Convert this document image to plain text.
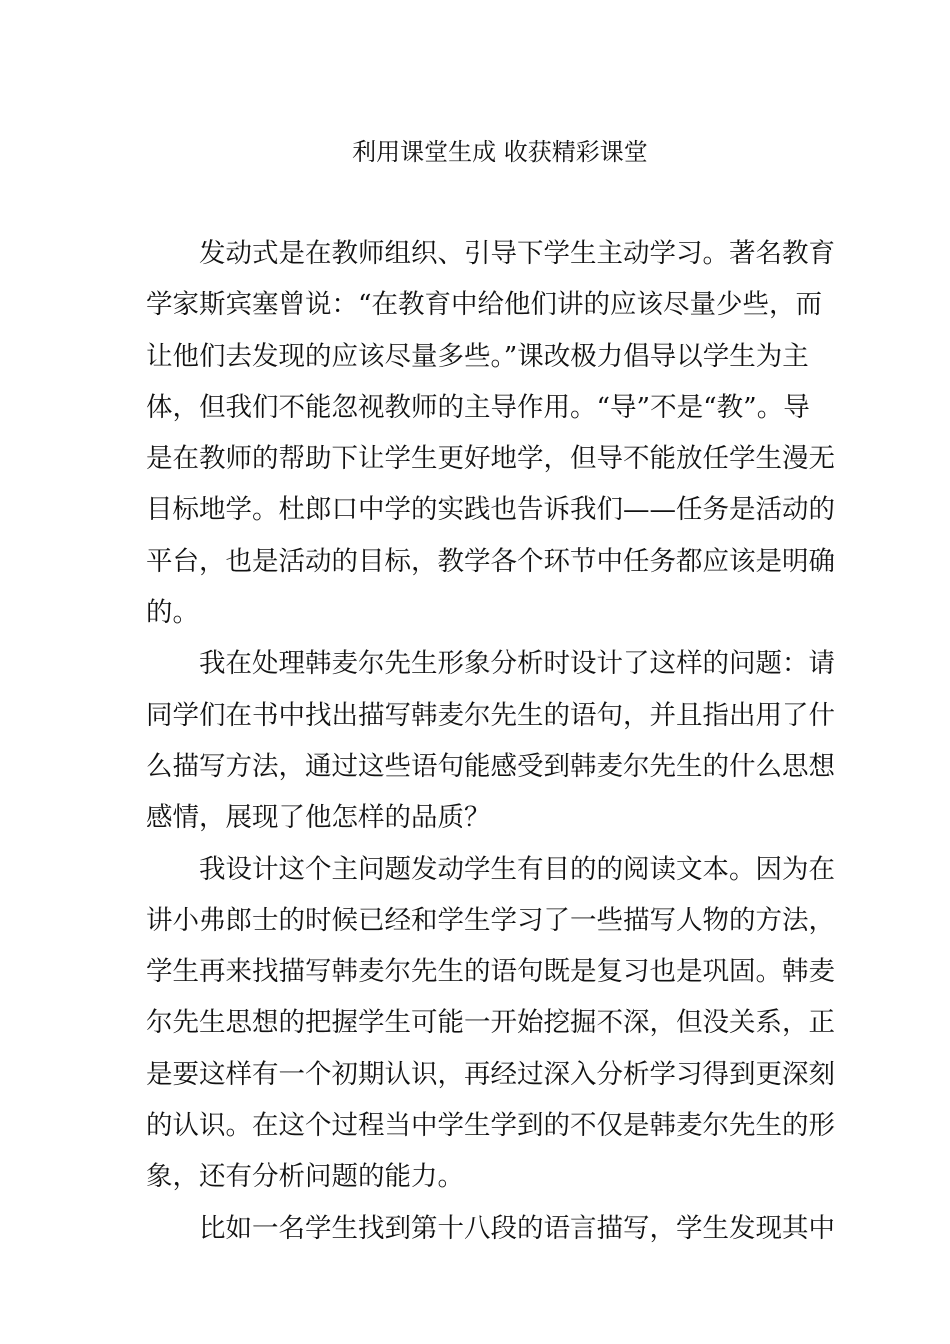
利用课堂生成 收获精彩课堂

　　发动式是在教师组织、引导下学生主动学习。著名教育

学家斯宾塞曾说：“在教育中给他们讲的应该尽量少些，而

让他们去发现的应该尽量多些。”课改极力倡导以学生为主

体，但我们不能忽视教师的主导作用。“导”不是“教”。导

是在教师的帮助下让学生更好地学，但导不能放任学生漫无

目标地学。杜郎口中学的实践也告诉我们——任务是活动的

平台，也是活动的目标，教学各个环节中任务都应该是明确

的。

　　我在处理韩麦尔先生形象分析时设计了这样的问题：请

同学们在书中找出描写韩麦尔先生的语句，并且指出用了什

么描写方法，通过这些语句能感受到韩麦尔先生的什么思想

感情，展现了他怎样的品质？

　　我设计这个主问题发动学生有目的的阅读文本。因为在

讲小弗郎士的时候已经和学生学习了一些描写人物的方法，

学生再来找描写韩麦尔先生的语句既是复习也是巩固。韩麦

尔先生思想的把握学生可能一开始挖掘不深，但没关系，正

是要这样有一个初期认识，再经过深入分析学习得到更深刻

的认识。在这个过程当中学生学到的不仅是韩麦尔先生的形

象，还有分析问题的能力。

　　比如一名学生找到第十八段的语言描写，学生发现其中
